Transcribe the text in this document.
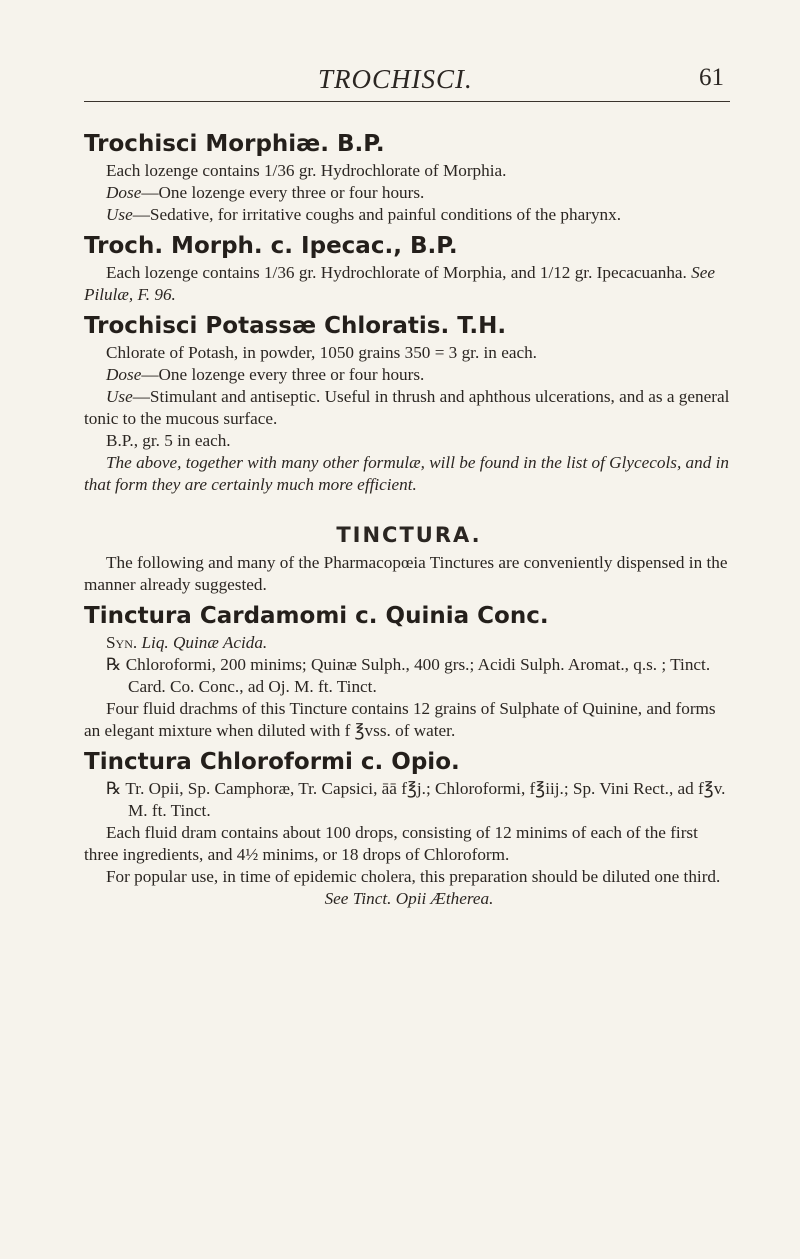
TROCHISCI.	61
Trochisci Morphiæ. B.P.

Each lozenge contains 1/36 gr. Hydrochlorate of Morphia.

Dose—One lozenge every three or four hours.

Use—Sedative, for irritative coughs and painful conditions of the pharynx.

Troch. Morph. c. Ipecac., B.P.

Each lozenge contains 1/36 gr. Hydrochlorate of Morphia, and 1/12 gr. Ipecacuanha. See Pilulæ, F. 96.

Trochisci Potassæ Chloratis. T.H.

Chlorate of Potash, in powder, 1050 grains 350 = 3 gr. in each.

Dose—One lozenge every three or four hours.

Use—Stimulant and antiseptic. Useful in thrush and aphthous ulcerations, and as a general tonic to the mucous surface.

B.P., gr. 5 in each.

The above, together with many other formulæ, will be found in the list of Glycecols, and in that form they are certainly much more efficient.

TINCTURA.

The following and many of the Pharmacopœia Tinctures are conveniently dispensed in the manner already suggested.

Tinctura Cardamomi c. Quinia Conc.

Syn. Liq. Quinæ Acida.

℞ Chloroformi, 200 minims; Quinæ Sulph., 400 grs.; Acidi Sulph. Aromat., q.s. ; Tinct. Card. Co. Conc., ad Oj. M. ft. Tinct.

Four fluid drachms of this Tincture contains 12 grains of Sulphate of Quinine, and forms an elegant mixture when diluted with f ℥vss. of water.

Tinctura Chloroformi c. Opio.

℞ Tr. Opii, Sp. Camphoræ, Tr. Capsici, āā f℥j.; Chloroformi, f℥iij.; Sp. Vini Rect., ad f℥v. M. ft. Tinct.

Each fluid dram contains about 100 drops, consisting of 12 minims of each of the first three ingredients, and 4½ minims, or 18 drops of Chloroform.

For popular use, in time of epidemic cholera, this preparation should be diluted one third.

See Tinct. Opii Ætherea.
